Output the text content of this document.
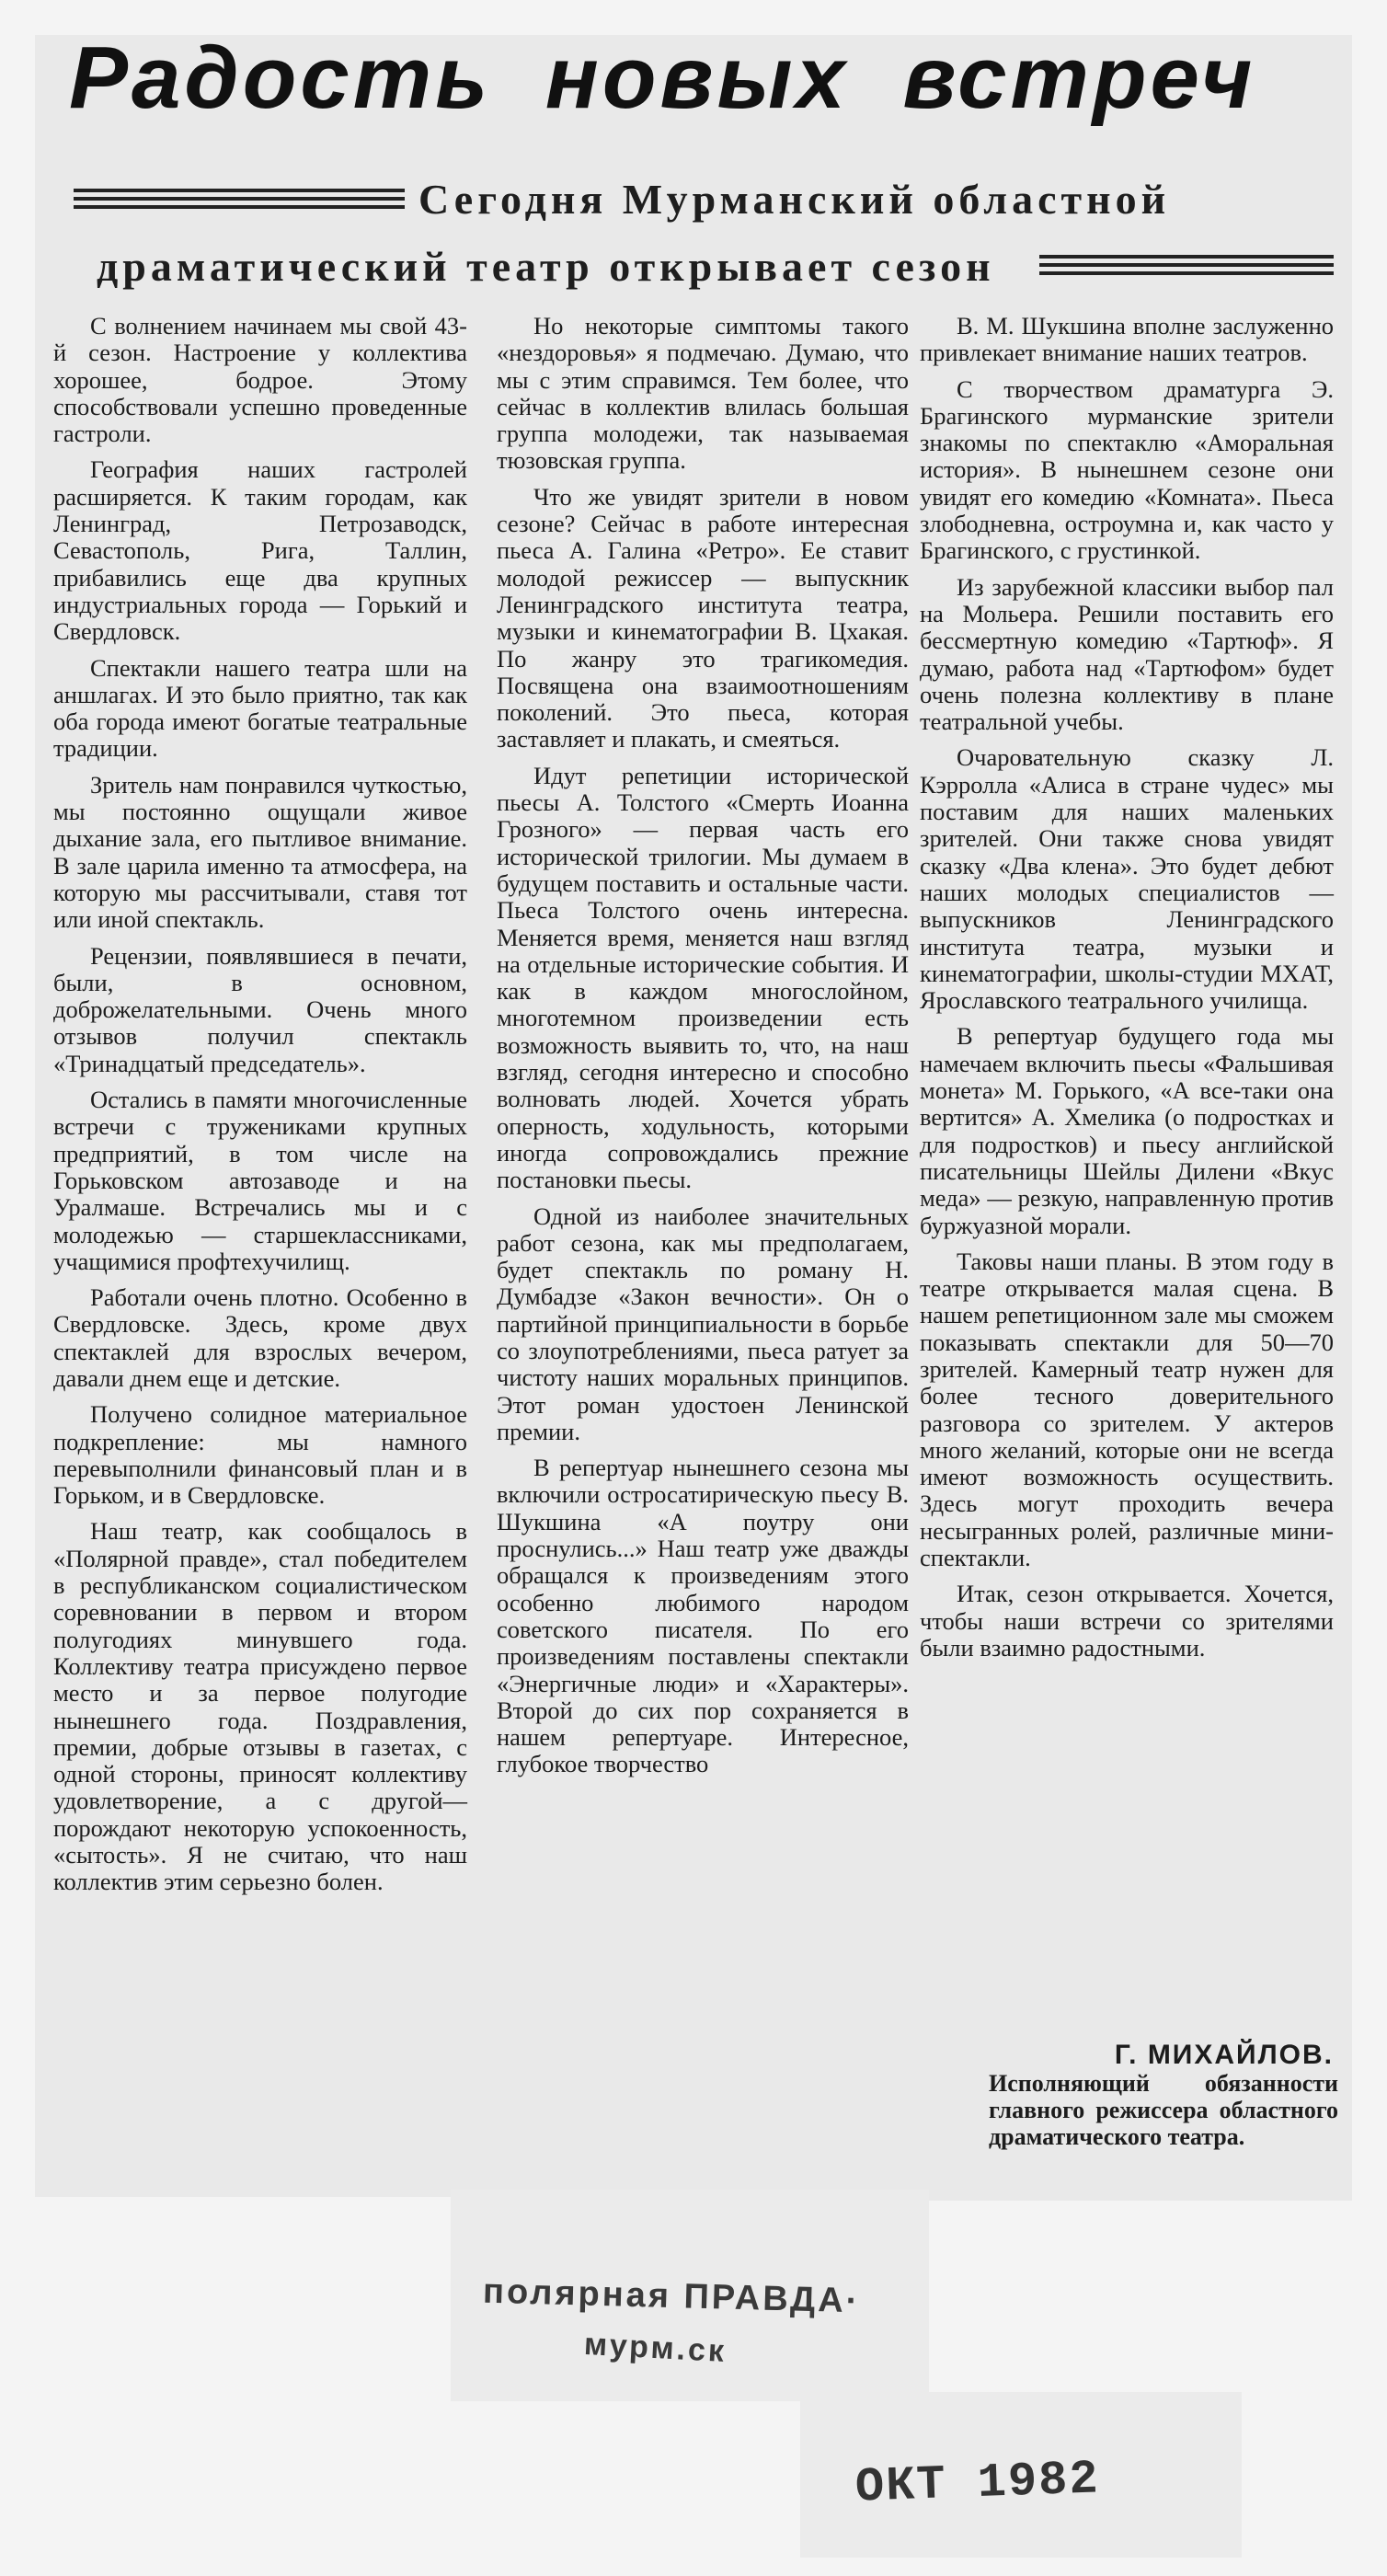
Радость новых встреч
Сегодня Мурманский областной
драматический театр открывает сезон

С волнением начинаем мы свой 43-й сезон. Настроение у коллектива хорошее, бодрое. Этому способствовали успешно проведенные гастроли.

География наших гастролей расширяется. К таким городам, как Ленинград, Петрозаводск, Севастополь, Рига, Таллин, прибавились еще два крупных индустриальных города — Горький и Свердловск.

Спектакли нашего театра шли на аншлагах. И это было приятно, так как оба города имеют богатые театральные традиции.

Зритель нам понравился чуткостью, мы постоянно ощущали живое дыхание зала, его пытливое внимание. В зале царила именно та атмосфера, на которую мы рассчитывали, ставя тот или иной спектакль.

Рецензии, появлявшиеся в печати, были, в основном, доброжелательными. Очень много отзывов получил спектакль «Тринадцатый председатель».

Остались в памяти многочисленные встречи с тружениками крупных предприятий, в том числе на Горьковском автозаводе и на Уралмаше. Встречались мы и с молодежью — старшеклассниками, учащимися профтехучилищ.

Работали очень плотно. Особенно в Свердловске. Здесь, кроме двух спектаклей для взрослых вечером, давали днем еще и детские.

Получено солидное материальное подкрепление: мы намного перевыполнили финансовый план и в Горьком, и в Свердловске.

Наш театр, как сообщалось в «Полярной правде», стал победителем в республиканском социалистическом соревновании в первом и втором полугодиях минувшего года. Коллективу театра присуждено первое место и за первое полугодие нынешнего года. Поздравления, премии, добрые отзывы в газетах, с одной стороны, приносят коллективу удовлетворение, а с другой—порождают некоторую успокоенность, «сытость». Я не считаю, что наш коллектив этим серьезно болен.

Но некоторые симптомы такого «нездоровья» я подмечаю. Думаю, что мы с этим справимся. Тем более, что сейчас в коллектив влилась большая группа молодежи, так называемая тюзовская группа.

Что же увидят зрители в новом сезоне? Сейчас в работе интересная пьеса А. Галина «Ретро». Ее ставит молодой режиссер — выпускник Ленинградского института театра, музыки и кинематографии В. Цхакая. По жанру это трагикомедия. Посвящена она взаимоотношениям поколений. Это пьеса, которая заставляет и плакать, и смеяться.

Идут репетиции исторической пьесы А. Толстого «Смерть Иоанна Грозного» — первая часть его исторической трилогии. Мы думаем в будущем поставить и остальные части. Пьеса Толстого очень интересна. Меняется время, меняется наш взгляд на отдельные исторические события. И как в каждом многослойном, многотемном произведении есть возможность выявить то, что, на наш взгляд, сегодня интересно и способно волновать людей. Хочется убрать оперность, ходульность, которыми иногда сопровождались прежние постановки пьесы.

Одной из наиболее значительных работ сезона, как мы предполагаем, будет спектакль по роману Н. Думбадзе «Закон вечности». Он о партийной принципиальности в борьбе со злоупотреблениями, пьеса ратует за чистоту наших моральных принципов. Этот роман удостоен Ленинской премии.

В репертуар нынешнего сезона мы включили остросатирическую пьесу В. Шукшина «А поутру они проснулись...» Наш театр уже дважды обращался к произведениям этого особенно любимого народом советского писателя. По его произведениям поставлены спектакли «Энергичные люди» и «Характеры». Второй до сих пор сохраняется в нашем репертуаре. Интересное, глубокое творчество

В. М. Шукшина вполне заслуженно привлекает внимание наших театров.

С творчеством драматурга Э. Брагинского мурманские зрители знакомы по спектаклю «Аморальная история». В нынешнем сезоне они увидят его комедию «Комната». Пьеса злободневна, остроумна и, как часто у Брагинского, с грустинкой.

Из зарубежной классики выбор пал на Мольера. Решили поставить его бессмертную комедию «Тартюф». Я думаю, работа над «Тартюфом» будет очень полезна коллективу в плане театральной учебы.

Очаровательную сказку Л. Кэрролла «Алиса в стране чудес» мы поставим для наших маленьких зрителей. Они также снова увидят сказку «Два клена». Это будет дебют наших молодых специалистов — выпускников Ленинградского института театра, музыки и кинематографии, школы-студии МХАТ, Ярославского театрального училища.

В репертуар будущего года мы намечаем включить пьесы «Фальшивая монета» М. Горького, «А все-таки она вертится» А. Хмелика (о подростках и для подростков) и пьесу английской писательницы Шейлы Дилени «Вкус меда» — резкую, направленную против буржуазной морали.

Таковы наши планы. В этом году в театре открывается малая сцена. В нашем репетиционном зале мы сможем показывать спектакли для 50—70 зрителей. Камерный театр нужен для более тесного доверительного разговора со зрителем. У актеров много желаний, которые они не всегда имеют возможность осуществить. Здесь могут проходить вечера несыгранных ролей, различные мини-спектакли.

Итак, сезон открывается. Хочется, чтобы наши встречи со зрителями были взаимно радостными.

Г. МИХАЙЛОВ.

Исполняющий обязанности главного режиссера областного драматического театра.

полярная ПРАВДА·

мурм.ск

ОКТ 1982
